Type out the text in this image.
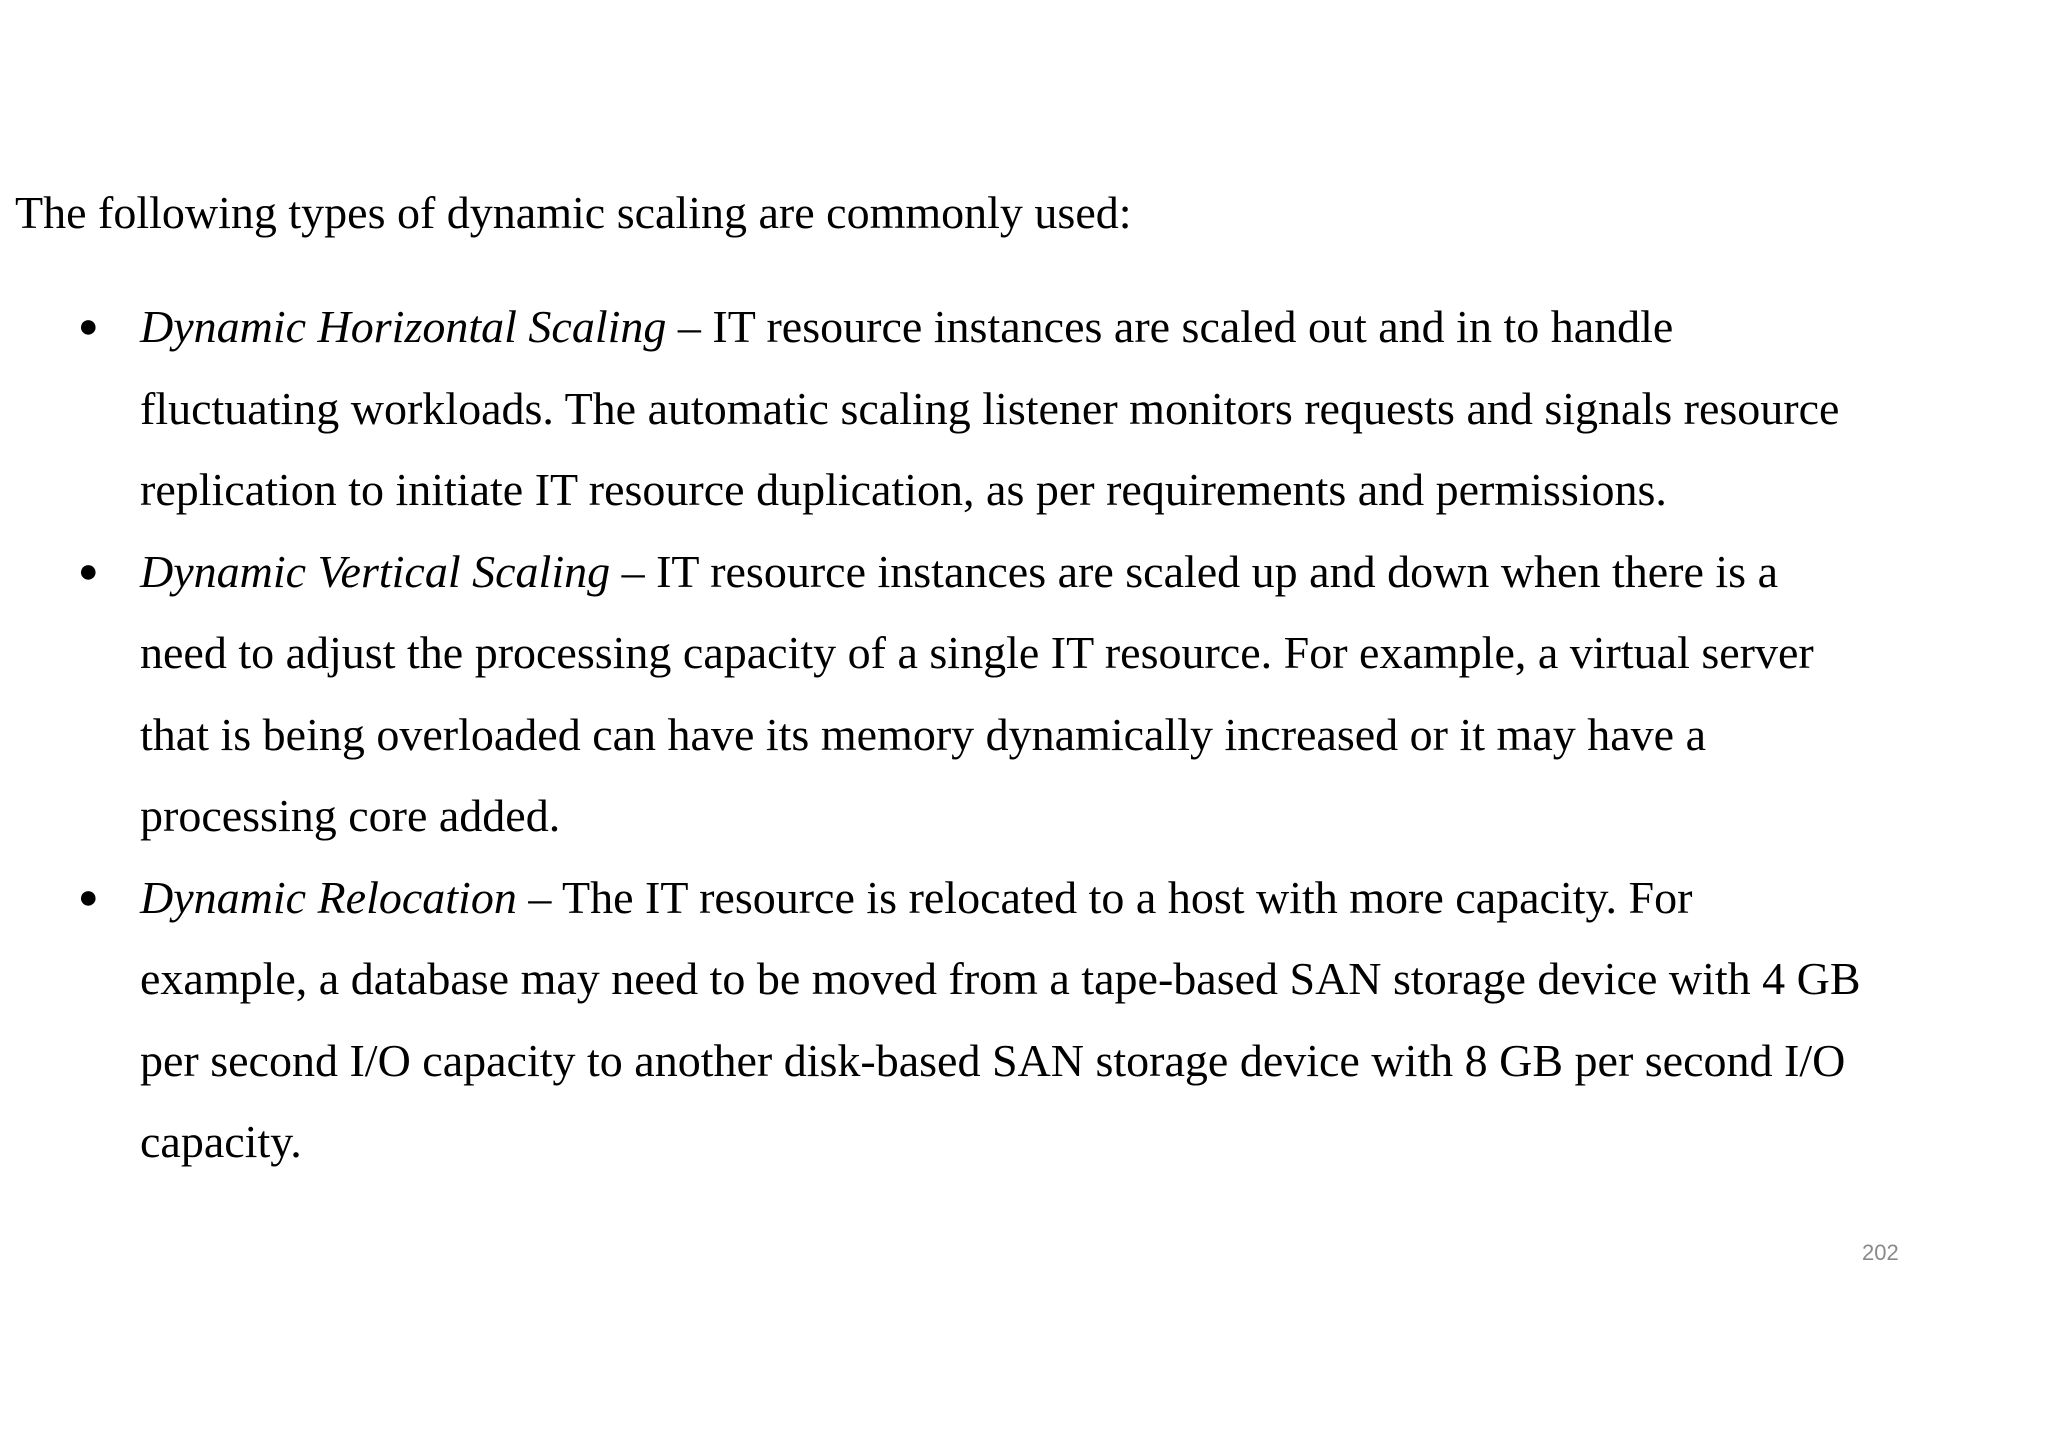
The following types of dynamic scaling are commonly used:

● Dynamic Horizontal Scaling – IT resource instances are scaled out and in to handle
fluctuating workloads. The automatic scaling listener monitors requests and signals resource
replication to initiate IT resource duplication, as per requirements and permissions.
● Dynamic Vertical Scaling – IT resource instances are scaled up and down when there is a
need to adjust the processing capacity of a single IT resource. For example, a virtual server
that is being overloaded can have its memory dynamically increased or it may have a
processing core added.
● Dynamic Relocation – The IT resource is relocated to a host with more capacity. For
example, a database may need to be moved from a tape-based SAN storage device with 4 GB
per second I/O capacity to another disk-based SAN storage device with 8 GB per second I/O
capacity.
202
